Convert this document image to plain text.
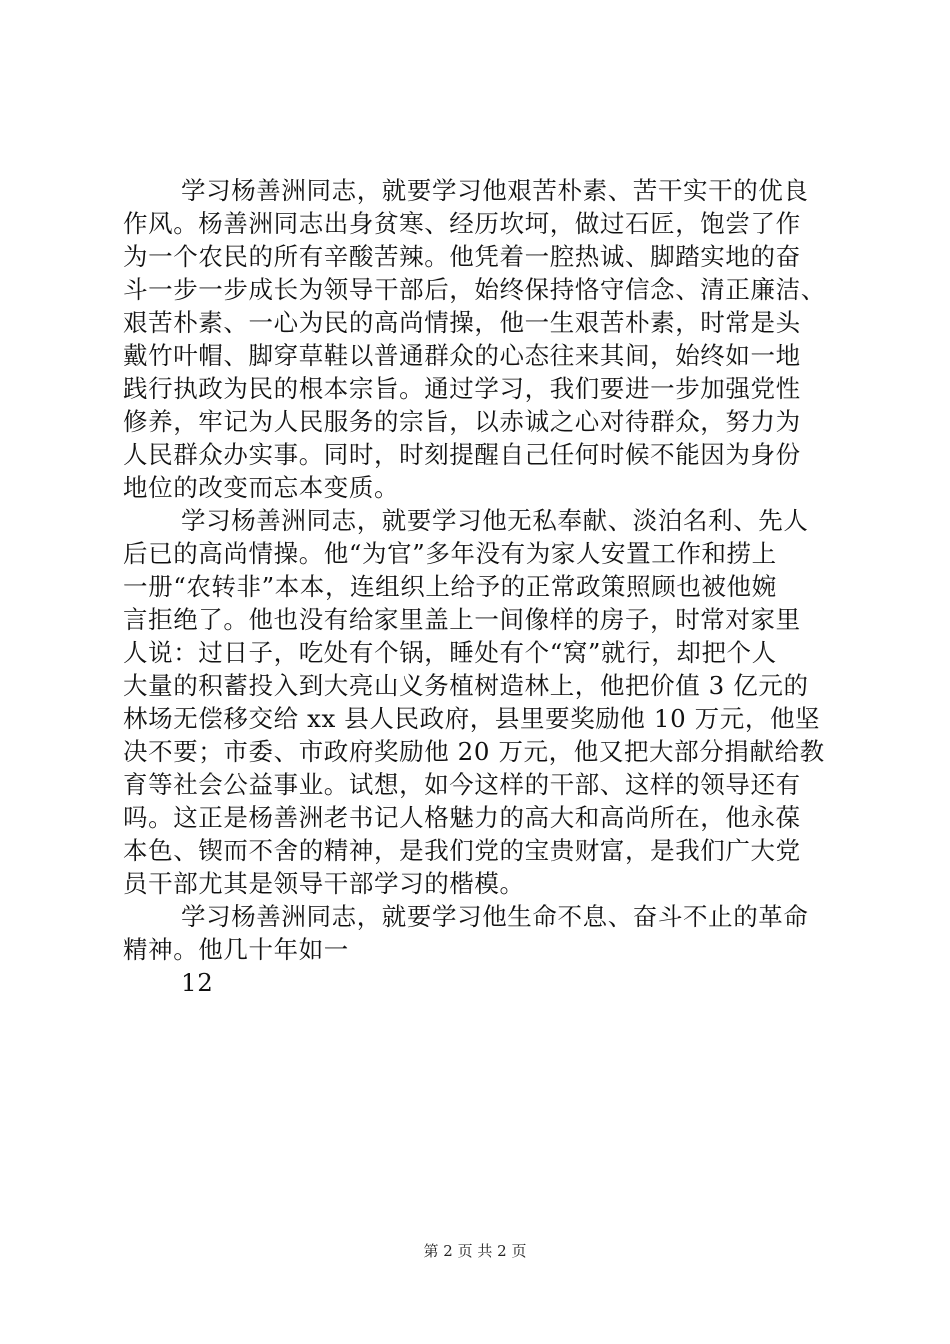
学习杨善洲同志，就要学习他艰苦朴素、苦干实干的优良
作风。杨善洲同志出身贫寒、经历坎坷，做过石匠，饱尝了作
为一个农民的所有辛酸苦辣。他凭着一腔热诚、脚踏实地的奋
斗一步一步成长为领导干部后，始终保持恪守信念、清正廉洁、
艰苦朴素、一心为民的高尚情操，他一生艰苦朴素，时常是头
戴竹叶帽、脚穿草鞋以普通群众的心态往来其间，始终如一地
践行执政为民的根本宗旨。通过学习，我们要进一步加强党性
修养，牢记为人民服务的宗旨，以赤诚之心对待群众，努力为
人民群众办实事。同时，时刻提醒自己任何时候不能因为身份
地位的改变而忘本变质。
学习杨善洲同志，就要学习他无私奉献、淡泊名利、先人
后已的高尚情操。他“为官”多年没有为家人安置工作和捞上
一册“农转非”本本，连组织上给予的正常政策照顾也被他婉
言拒绝了。他也没有给家里盖上一间像样的房子，时常对家里
人说：过日子，吃处有个锅，睡处有个“窝”就行，却把个人
大量的积蓄投入到大亮山义务植树造林上，他把价值 3 亿元的
林场无偿移交给 xx 县人民政府，县里要奖励他 10 万元，他坚
决不要；市委、市政府奖励他 20 万元，他又把大部分捐献给教
育等社会公益事业。试想，如今这样的干部、这样的领导还有
吗。这正是杨善洲老书记人格魅力的高大和高尚所在，他永葆
本色、锲而不舍的精神，是我们党的宝贵财富，是我们广大党
员干部尤其是领导干部学习的楷模。
学习杨善洲同志，就要学习他生命不息、奋斗不止的革命
精神。他几十年如一
12
第 2 页 共 2 页
